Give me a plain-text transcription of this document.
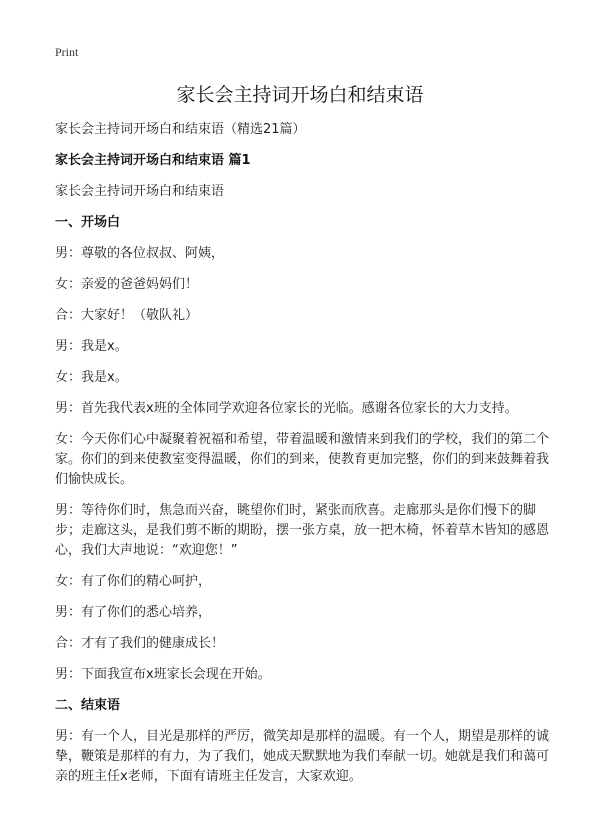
Print
家长会主持词开场白和结束语

家长会主持词开场白和结束语（精选21篇）

家长会主持词开场白和结束语 篇1

家长会主持词开场白和结束语

一、开场白

男：尊敬的各位叔叔、阿姨，

女：亲爱的爸爸妈妈们！

合：大家好！（敬队礼）

男：我是x。

女：我是x。

男：首先我代表x班的全体同学欢迎各位家长的光临。感谢各位家长的大力支持。

女：今天你们心中凝聚着祝福和希望，带着温暖和激情来到我们的学校，我们的第二个家。你们的到来使教室变得温暖，你们的到来，使教育更加完整，你们的到来鼓舞着我们愉快成长。

男：等待你们时，焦急而兴奋，眺望你们时，紧张而欣喜。走廊那头是你们慢下的脚步；走廊这头，是我们剪不断的期盼，摆一张方桌，放一把木椅，怀着草木皆知的感恩心，我们大声地说：“欢迎您！”

女：有了你们的精心呵护，

男：有了你们的悉心培养，

合：才有了我们的健康成长！

男：下面我宣布x班家长会现在开始。

二、结束语

男：有一个人，目光是那样的严厉，微笑却是那样的温暖。有一个人，期望是那样的诚挚，鞭策是那样的有力，为了我们，她成天默默地为我们奉献一切。她就是我们和蔼可亲的班主任x老师，下面有请班主任发言，大家欢迎。
